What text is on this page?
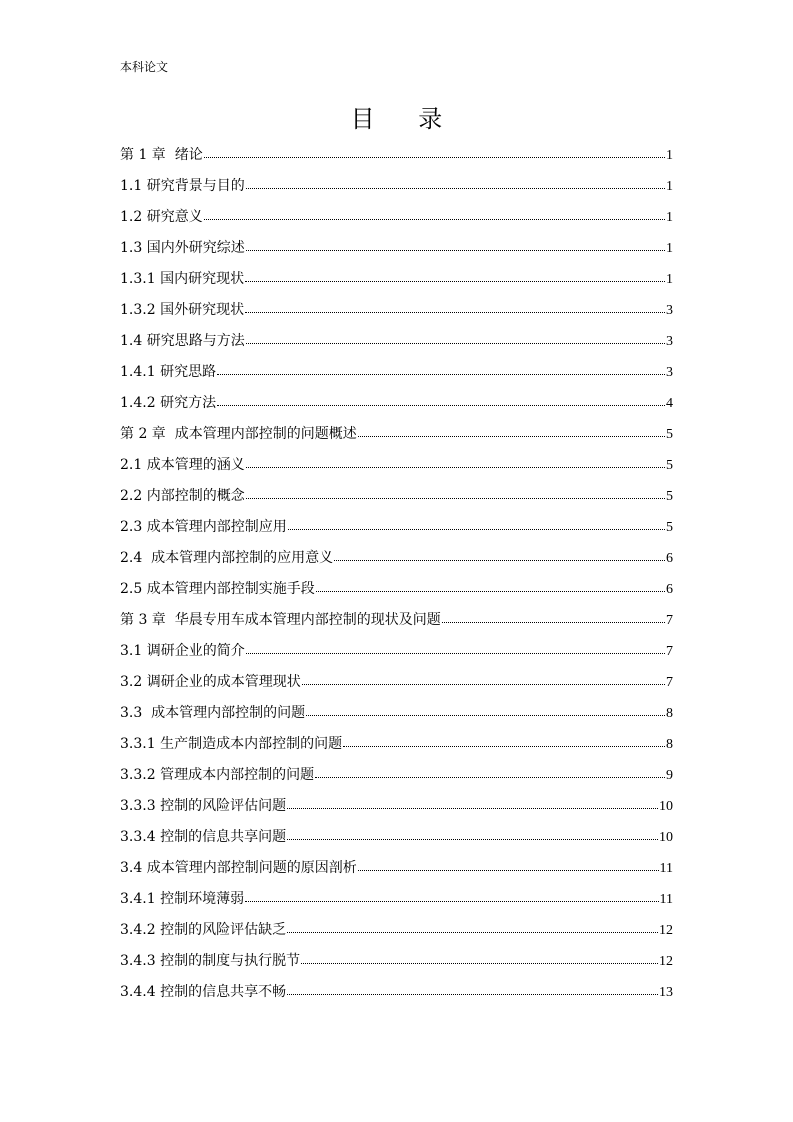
本科论文
目 录
第 1 章  绪论	1
1.1 研究背景与目的	1
1.2 研究意义	1
1.3 国内外研究综述	1
1.3.1 国内研究现状	1
1.3.2 国外研究现状	3
1.4 研究思路与方法	3
1.4.1 研究思路	3
1.4.2 研究方法	4
第 2 章  成本管理内部控制的问题概述	5
2.1 成本管理的涵义	5
2.2 内部控制的概念	5
2.3 成本管理内部控制应用	5
2.4  成本管理内部控制的应用意义	6
2.5 成本管理内部控制实施手段	6
第 3 章  华晨专用车成本管理内部控制的现状及问题	7
3.1 调研企业的简介	7
3.2 调研企业的成本管理现状	7
3.3  成本管理内部控制的问题	8
3.3.1 生产制造成本内部控制的问题	8
3.3.2 管理成本内部控制的问题	9
3.3.3 控制的风险评估问题	10
3.3.4 控制的信息共享问题	10
3.4 成本管理内部控制问题的原因剖析	11
3.4.1 控制环境薄弱	11
3.4.2 控制的风险评估缺乏	12
3.4.3 控制的制度与执行脱节	12
3.4.4 控制的信息共享不畅	13
